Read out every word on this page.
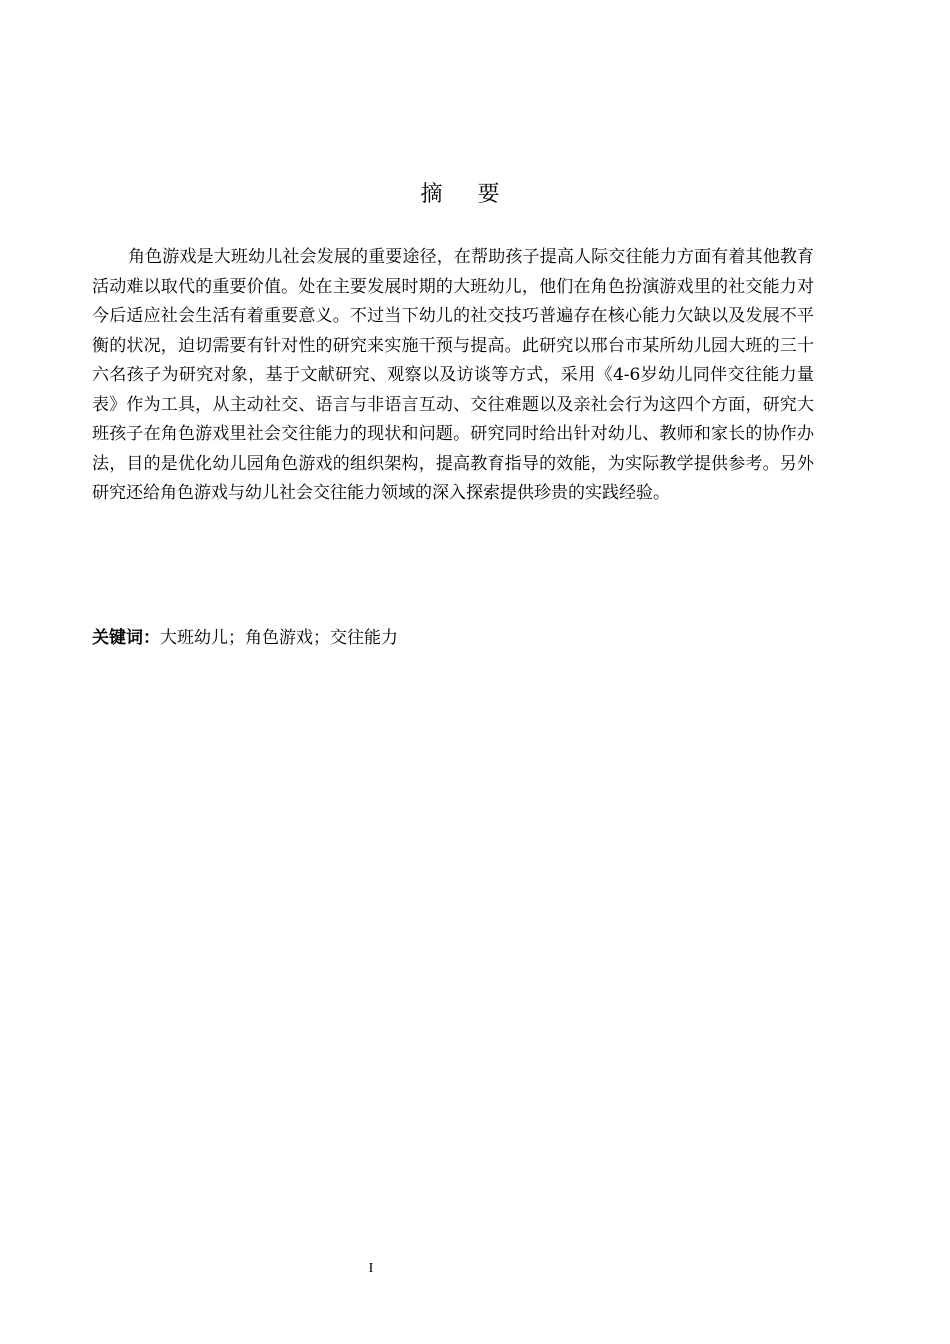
摘 要

角色游戏是大班幼儿社会发展的重要途径，在帮助孩子提高人际交往能力方面有着其他教育活动难以取代的重要价值。处在主要发展时期的大班幼儿，他们在角色扮演游戏里的社交能力对今后适应社会生活有着重要意义。不过当下幼儿的社交技巧普遍存在核心能力欠缺以及发展不平衡的状况，迫切需要有针对性的研究来实施干预与提高。此研究以邢台市某所幼儿园大班的三十六名孩子为研究对象，基于文献研究、观察以及访谈等方式，采用《4-6岁幼儿同伴交往能力量表》作为工具，从主动社交、语言与非语言互动、交往难题以及亲社会行为这四个方面，研究大班孩子在角色游戏里社会交往能力的现状和问题。研究同时给出针对幼儿、教师和家长的协作办法，目的是优化幼儿园角色游戏的组织架构，提高教育指导的效能，为实际教学提供参考。另外研究还给角色游戏与幼儿社会交往能力领域的深入探索提供珍贵的实践经验。

关键词：大班幼儿；角色游戏；交往能力
I
